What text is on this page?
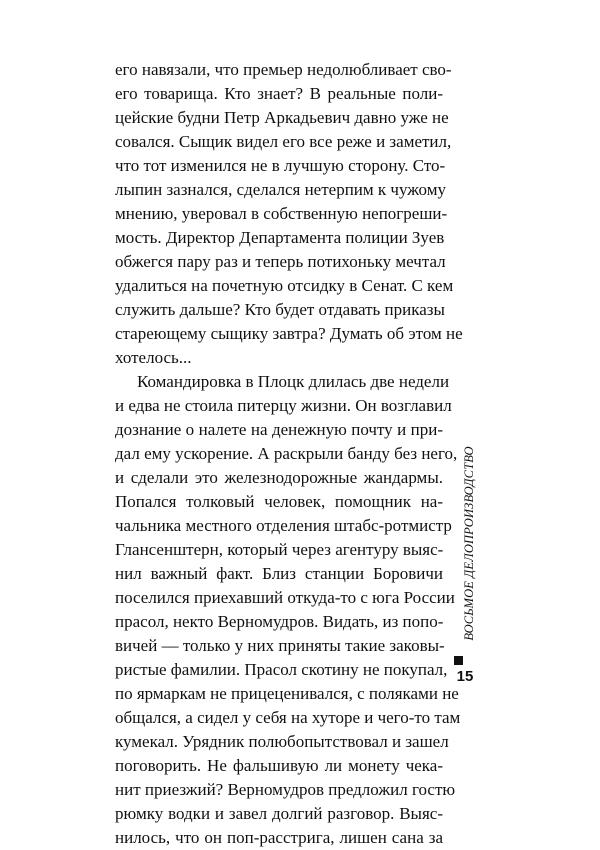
его навязали, что премьер недолюбливает сво-
его товарища. Кто знает? В реальные поли-
цейские будни Петр Аркадьевич давно уже не
совался. Сыщик видел его все реже и заметил,
что тот изменился не в лучшую сторону. Сто-
лыпин зазнался, сделался нетерпим к чужому
мнению, уверовал в собственную непогреши-
мость. Директор Департамента полиции Зуев
обжегся пару раз и теперь потихоньку мечтал
удалиться на почетную отсидку в Сенат. С кем
служить дальше? Кто будет отдавать приказы
стареющему сыщику завтра? Думать об этом не
хотелось...
Командировка в Плоцк длилась две недели
и едва не стоила питерцу жизни. Он возглавил
дознание о налете на денежную почту и при-
дал ему ускорение. А раскрыли банду без него,
и сделали это железнодорожные жандармы.
Попался толковый человек, помощник на-
чальника местного отделения штабс-ротмистр
Глансенштерн, который через агентуру выяс-
нил важный факт. Близ станции Боровичи
поселился приехавший откуда-то с юга России
прасол, некто Верномудров. Видать, из попо-
вичей — только у них приняты такие заковы-
ристые фамилии. Прасол скотину не покупал,
по ярмаркам не прицеценивался, с поляками не
общался, а сидел у себя на хуторе и чего-то там
кумекал. Урядник полюбопытствовал и зашел
поговорить. Не фальшивую ли монету чека-
нит приезжий? Верномудров предложил гостю
рюмку водки и завел долгий разговор. Выяс-
нилось, что он поп-расстрига, лишен сана за
ВОСЬМОЕ ДЕЛОПРОИЗВОДСТВО
15
